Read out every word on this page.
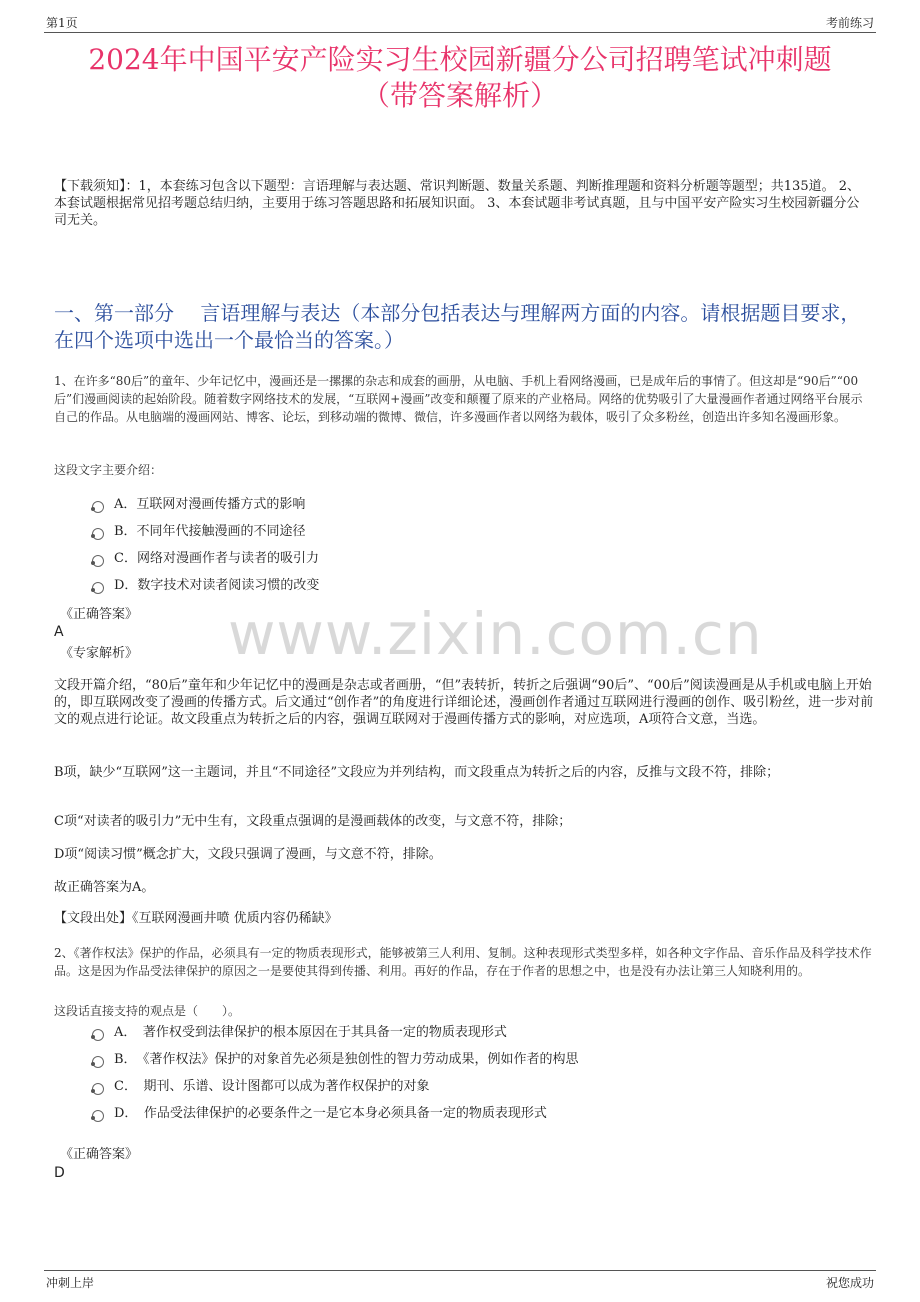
第1页	考前练习
2024年中国平安产险实习生校园新疆分公司招聘笔试冲刺题
（带答案解析）
【下载须知】：1，本套练习包含以下题型：言语理解与表达题、常识判断题、数量关系题、判断推理题和资料分析题等题型；共135道。 2、本套试题根据常见招考题总结归纳，主要用于练习答题思路和拓展知识面。 3、本套试题非考试真题，且与中国平安产险实习生校园新疆分公司无关。
一、第一部分　 言语理解与表达（本部分包括表达与理解两方面的内容。请根据题目要求，在四个选项中选出一个最恰当的答案。）
1、在许多“80后”的童年、少年记忆中，漫画还是一摞摞的杂志和成套的画册，从电脑、手机上看网络漫画，已是成年后的事情了。但这却是“90后”“00后”们漫画阅读的起始阶段。随着数字网络技术的发展，“互联网+漫画”改变和颠覆了原来的产业格局。网络的优势吸引了大量漫画作者通过网络平台展示自己的作品。从电脑端的漫画网站、博客、论坛，到移动端的微博、微信，许多漫画作者以网络为载体，吸引了众多粉丝，创造出许多知名漫画形象。
这段文字主要介绍：
A．互联网对漫画传播方式的影响
B．不同年代接触漫画的不同途径
C．网络对漫画作者与读者的吸引力
D．数字技术对读者阅读习惯的改变
《正确答案》
A
《专家解析》 www.zixin.com.cn
文段开篇介绍，“80后”童年和少年记忆中的漫画是杂志或者画册，“但”表转折，转折之后强调“90后”、“00后”阅读漫画是从手机或电脑上开始的，即互联网改变了漫画的传播方式。后文通过“创作者”的角度进行详细论述，漫画创作者通过互联网进行漫画的创作、吸引粉丝，进一步对前文的观点进行论证。故文段重点为转折之后的内容，强调互联网对于漫画传播方式的影响，对应选项，A项符合文意，当选。
B项，缺少“互联网”这一主题词，并且“不同途径”文段应为并列结构，而文段重点为转折之后的内容，反推与文段不符，排除；
C项“对读者的吸引力”无中生有，文段重点强调的是漫画载体的改变，与文意不符，排除；
D项“阅读习惯”概念扩大，文段只强调了漫画，与文意不符，排除。
故正确答案为A。
【文段出处】《互联网漫画井喷 优质内容仍稀缺》
2、《著作权法》保护的作品，必须具有一定的物质表现形式，能够被第三人利用、复制。这种表现形式类型多样，如各种文字作品、音乐作品及科学技术作品。这是因为作品受法律保护的原因之一是要使其得到传播、利用。再好的作品，存在于作者的思想之中，也是没有办法让第三人知晓利用的。
这段话直接支持的观点是（　　）。
A．　著作权受到法律保护的根本原因在于其具备一定的物质表现形式
B．　《著作权法》保护的对象首先必须是独创性的智力劳动成果，例如作者的构思
C．　期刊、乐谱、设计图都可以成为著作权保护的对象
D．　作品受法律保护的必要条件之一是它本身必须具备一定的物质表现形式
《正确答案》
D
冲刺上岸	祝您成功
